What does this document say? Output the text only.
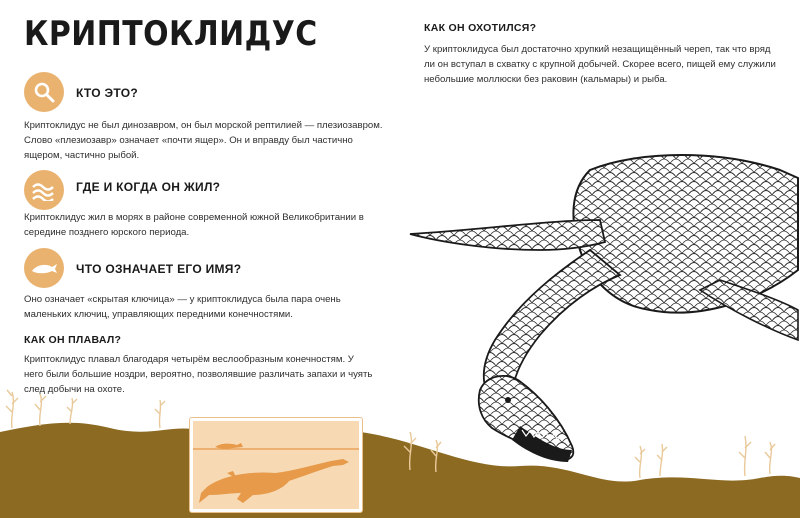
КРИПТОКЛИДУС
КТО ЭТО?

Криптоклидус не был динозавром, он был морской рептилией — плезиозавром. Слово «плезиозавр» означает «почти ящер». Он и вправду был частично ящером, частично рыбой.

ГДЕ И КОГДА ОН ЖИЛ?

Криптоклидус жил в морях в районе современной южной Великобритании в середине позднего юрского периода.

ЧТО ОЗНАЧАЕТ ЕГО ИМЯ?

Оно означает «скрытая ключица» — у криптоклидуса была пара очень маленьких ключиц, управляющих передними конечностями.

КАК ОН ПЛАВАЛ?

Криптоклидус плавал благодаря четырём веслообразным конечностям. У него были большие ноздри, вероятно, позволявшие различать запахи и чуять след добычи на охоте.

КАК ОН ОХОТИЛСЯ?

У криптоклидуса был достаточно хрупкий незащищённый череп, так что вряд ли он вступал в схватку с крупной добычей. Скорее всего, пищей ему служили небольшие моллюски без раковин (кальмары) и рыба.
